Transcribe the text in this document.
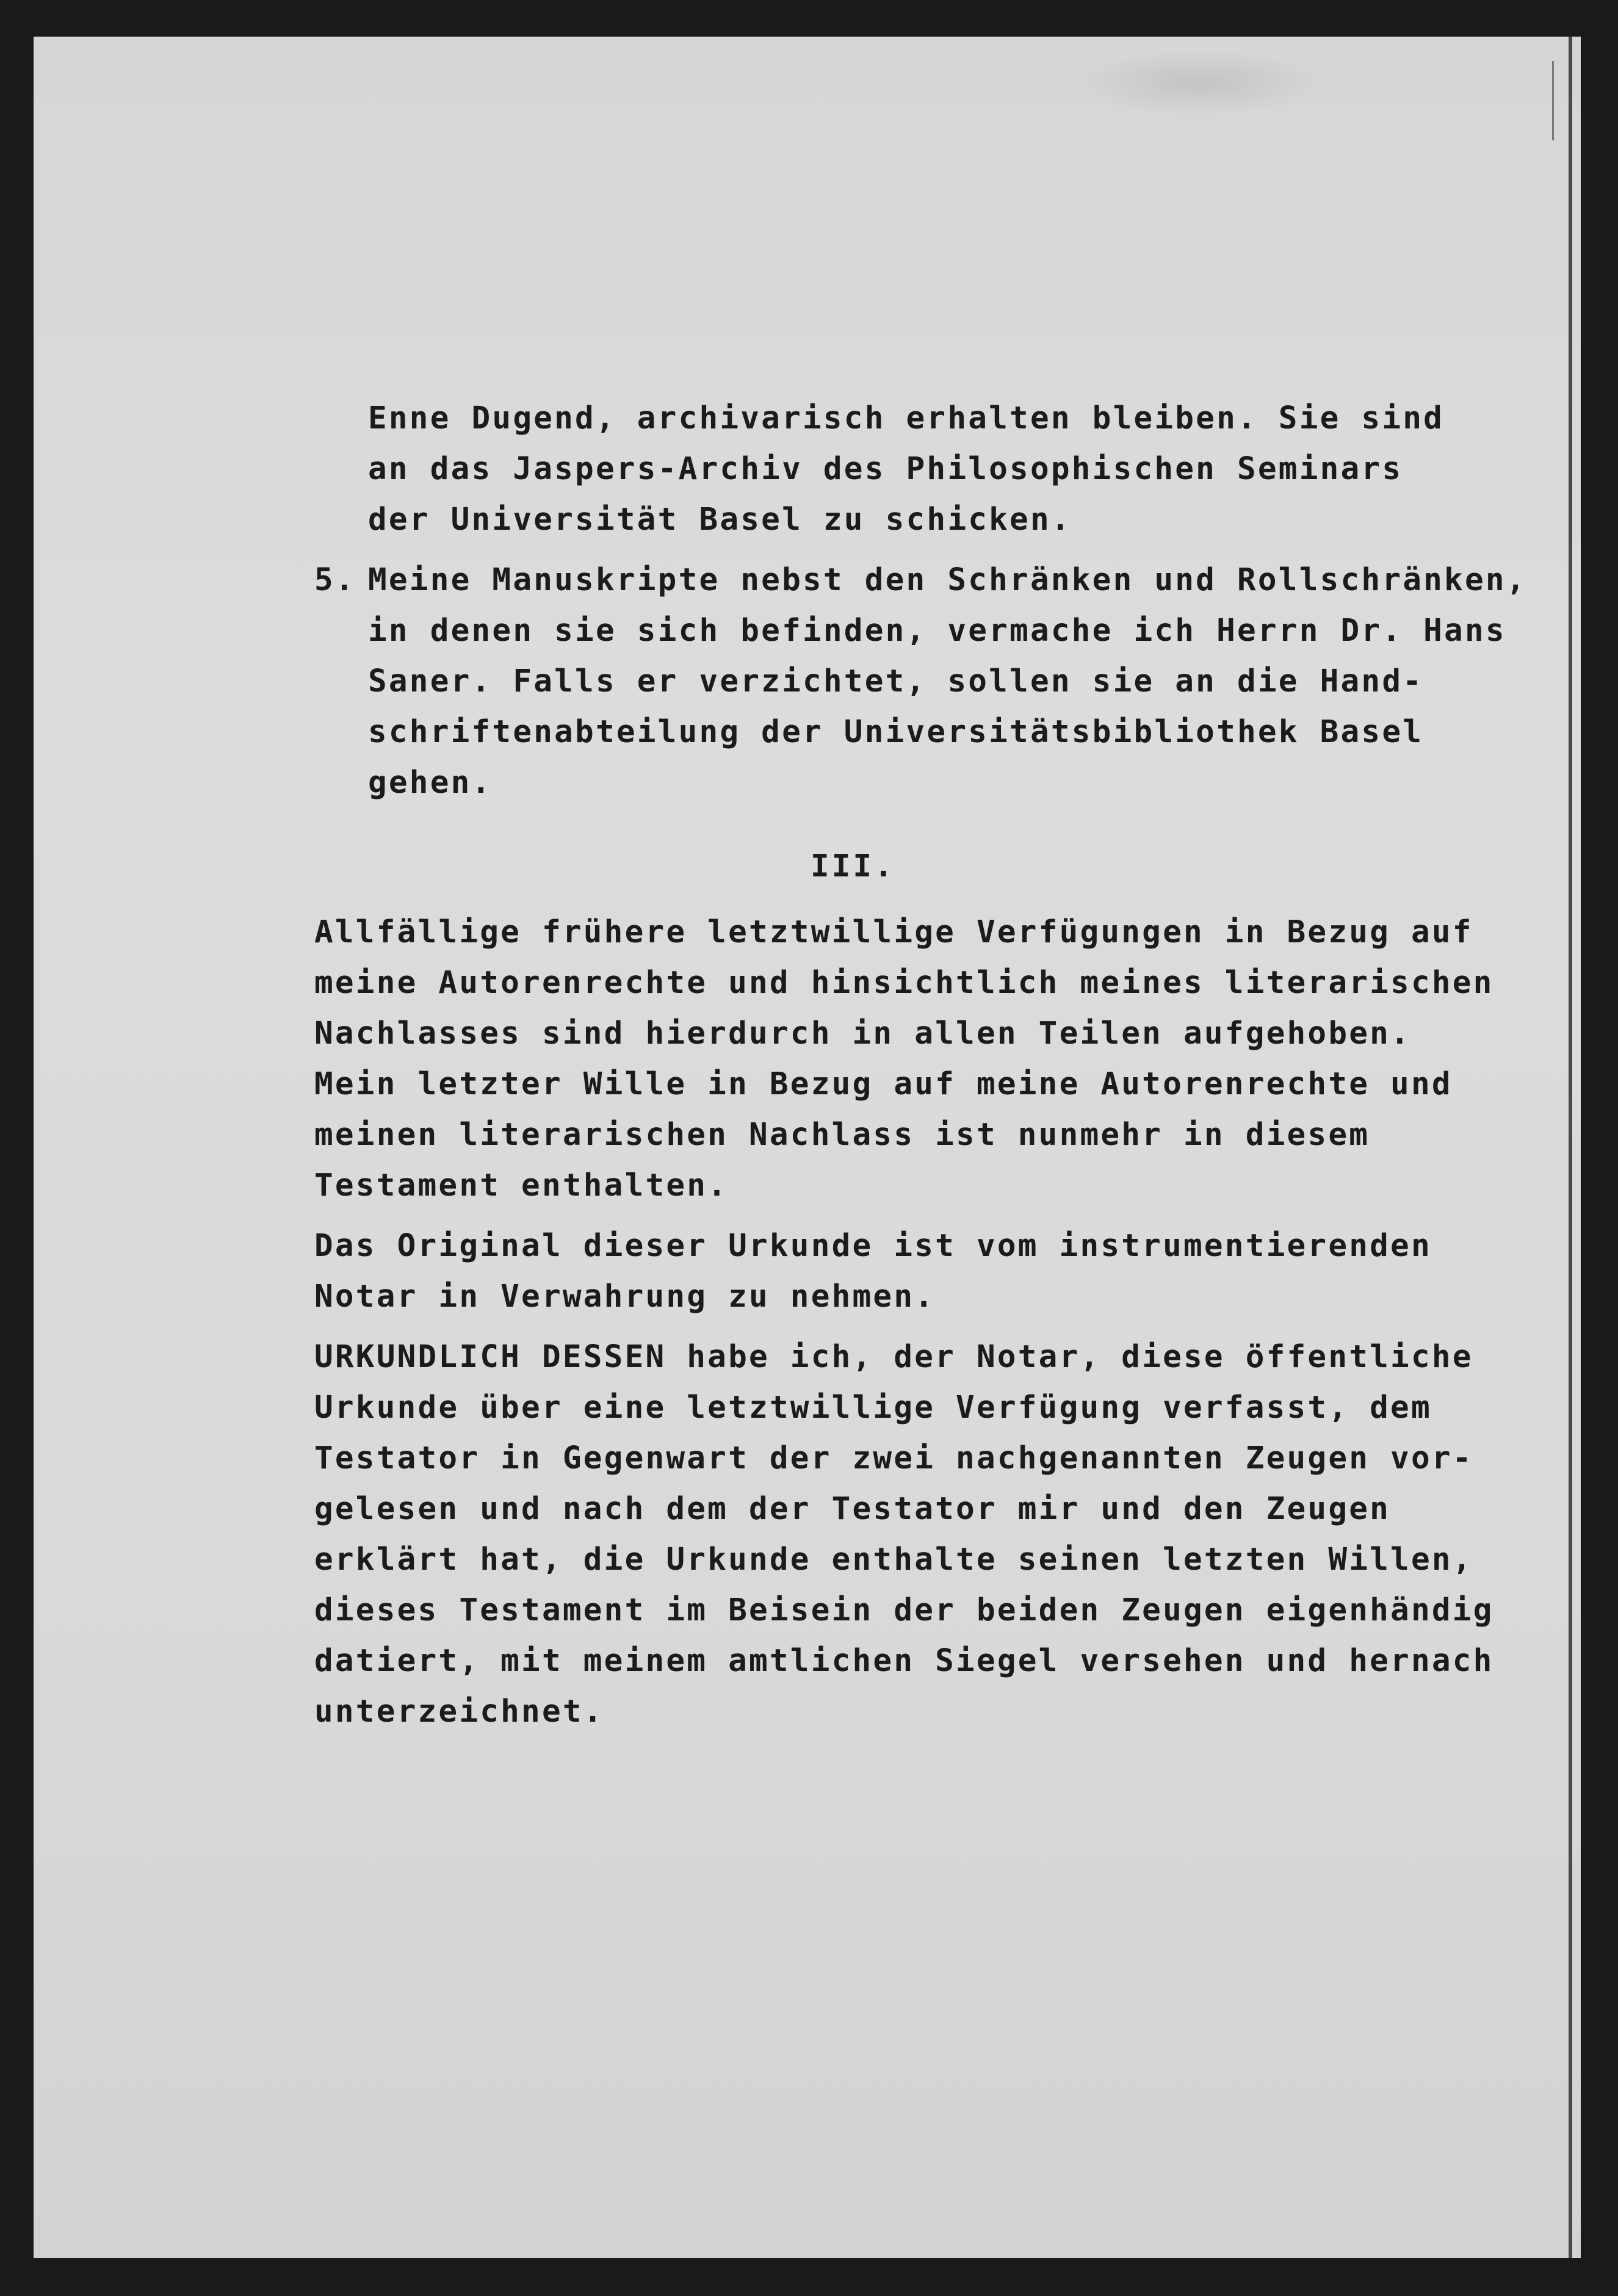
Enne Dugend, archivarisch erhalten bleiben. Sie sind

an das Jaspers-Archiv des Philosophischen Seminars

der Universität Basel zu schicken.

5. Meine Manuskripte nebst den Schränken und Rollschränken,

in denen sie sich befinden, vermache ich Herrn Dr. Hans

Saner. Falls er verzichtet, sollen sie an die Hand-

schriftenabteilung der Universitätsbibliothek Basel

gehen.

III.

Allfällige frühere letztwillige Verfügungen in Bezug auf

meine Autorenrechte und hinsichtlich meines literarischen

Nachlasses sind hierdurch in allen Teilen aufgehoben.

Mein letzter Wille in Bezug auf meine Autorenrechte und

meinen literarischen Nachlass ist nunmehr in diesem

Testament enthalten.

Das Original dieser Urkunde ist vom instrumentierenden

Notar in Verwahrung zu nehmen.

URKUNDLICH DESSEN habe ich, der Notar, diese öffentliche

Urkunde über eine letztwillige Verfügung verfasst, dem

Testator in Gegenwart der zwei nachgenannten Zeugen vor-

gelesen und nach dem der Testator mir und den Zeugen

erklärt hat, die Urkunde enthalte seinen letzten Willen,

dieses Testament im Beisein der beiden Zeugen eigenhändig

datiert, mit meinem amtlichen Siegel versehen und hernach

unterzeichnet.
